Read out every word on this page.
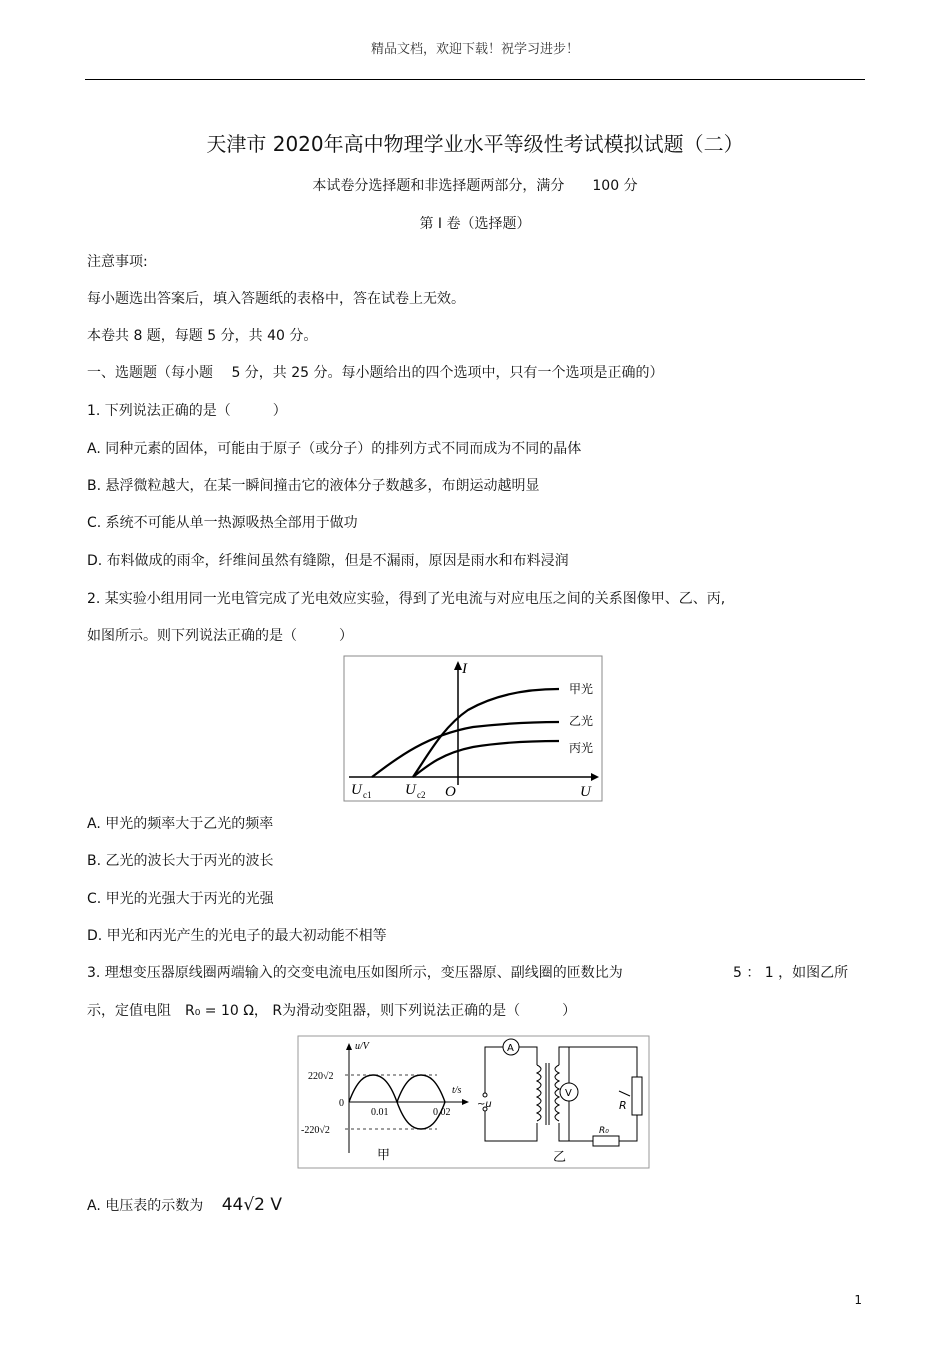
精品文档，欢迎下载！祝学习进步！
天津市 2020年高中物理学业水平等级性考试模拟试题（二）
本试卷分选择题和非选择题两部分，满分　　100 分
第 I 卷（选择题）
注意事项:
每小题选出答案后，填入答题纸的表格中，答在试卷上无效。
本卷共 8 题，每题 5 分，共 40 分。
一、选题题（每小题　 5 分，共 25 分。每小题给出的四个选项中，只有一个选项是正确的）
1. 下列说法正确的是（　　　）
A. 同种元素的固体，可能由于原子（或分子）的排列方式不同而成为不同的晶体
B. 悬浮微粒越大，在某一瞬间撞击它的液体分子数越多，布朗运动越明显
C. 系统不可能从单一热源吸热全部用于做功
D. 布料做成的雨伞，纤维间虽然有缝隙，但是不漏雨，原因是雨水和布料浸润
2. 某实验小组用同一光电管完成了光电效应实验，得到了光电流与对应电压之间的关系图像甲、乙、丙,
如图所示。则下列说法正确的是（　　　）
I
U
O
U c1 U c2
甲光
乙光
丙光
A. 甲光的频率大于乙光的频率
B. 乙光的波长大于丙光的波长
C. 甲光的光强大于丙光的光强
D. 甲光和丙光产生的光电子的最大初动能不相等
3. 理想变压器原线圈两端输入的交变电流电压如图所示，变压器原、副线圈的匝数比为	5 ： 1 ，如图乙所
示，定值电阻　R₀ = 10 Ω， R为滑动变阻器，则下列说法正确的是（　　　）
u/V
t/s
220√2
-220√2
0
0.01	0.02
甲
A
~u
R₀
R
V
乙
A. 电压表的示数为 44√2 V
1
